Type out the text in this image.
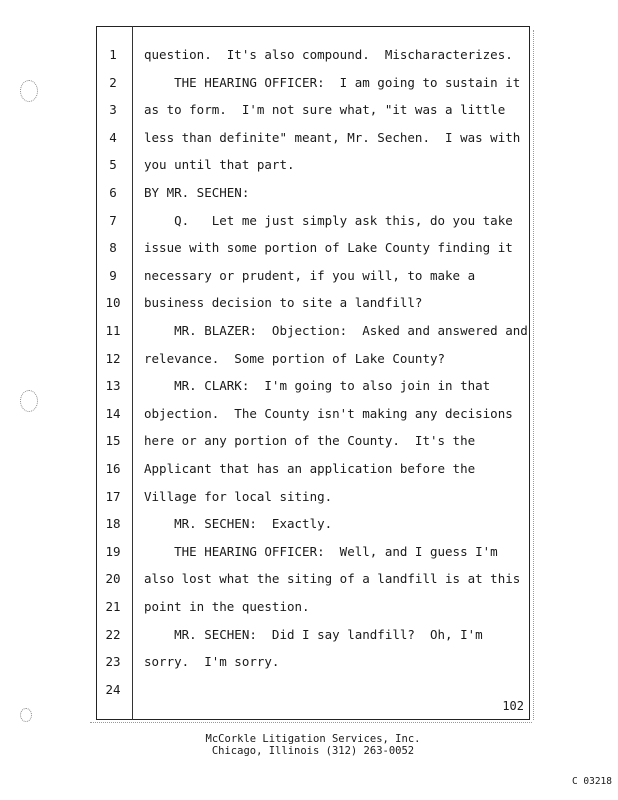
1	question.  It's also compound.  Mischaracterizes.
2	THE HEARING OFFICER:  I am going to sustain it
3	as to form.  I'm not sure what, "it was a little
4	less than definite" meant, Mr. Sechen.  I was with
5	you until that part.
6	BY MR. SECHEN:
7	Q.   Let me just simply ask this, do you take
8	issue with some portion of Lake County finding it
9	necessary or prudent, if you will, to make a
10	business decision to site a landfill?
11	MR. BLAZER:  Objection:  Asked and answered and
12	relevance.  Some portion of Lake County?
13	MR. CLARK:  I'm going to also join in that
14	objection.  The County isn't making any decisions
15	here or any portion of the County.  It's the
16	Applicant that has an application before the
17	Village for local siting.
18	MR. SECHEN:  Exactly.
19	THE HEARING OFFICER:  Well, and I guess I'm
20	also lost what the siting of a landfill is at this
21	point in the question.
22	MR. SECHEN:  Did I say landfill?  Oh, I'm
23	sorry.  I'm sorry.
24
102
McCorkle Litigation Services, Inc.
Chicago, Illinois (312) 263-0052
C 03218
